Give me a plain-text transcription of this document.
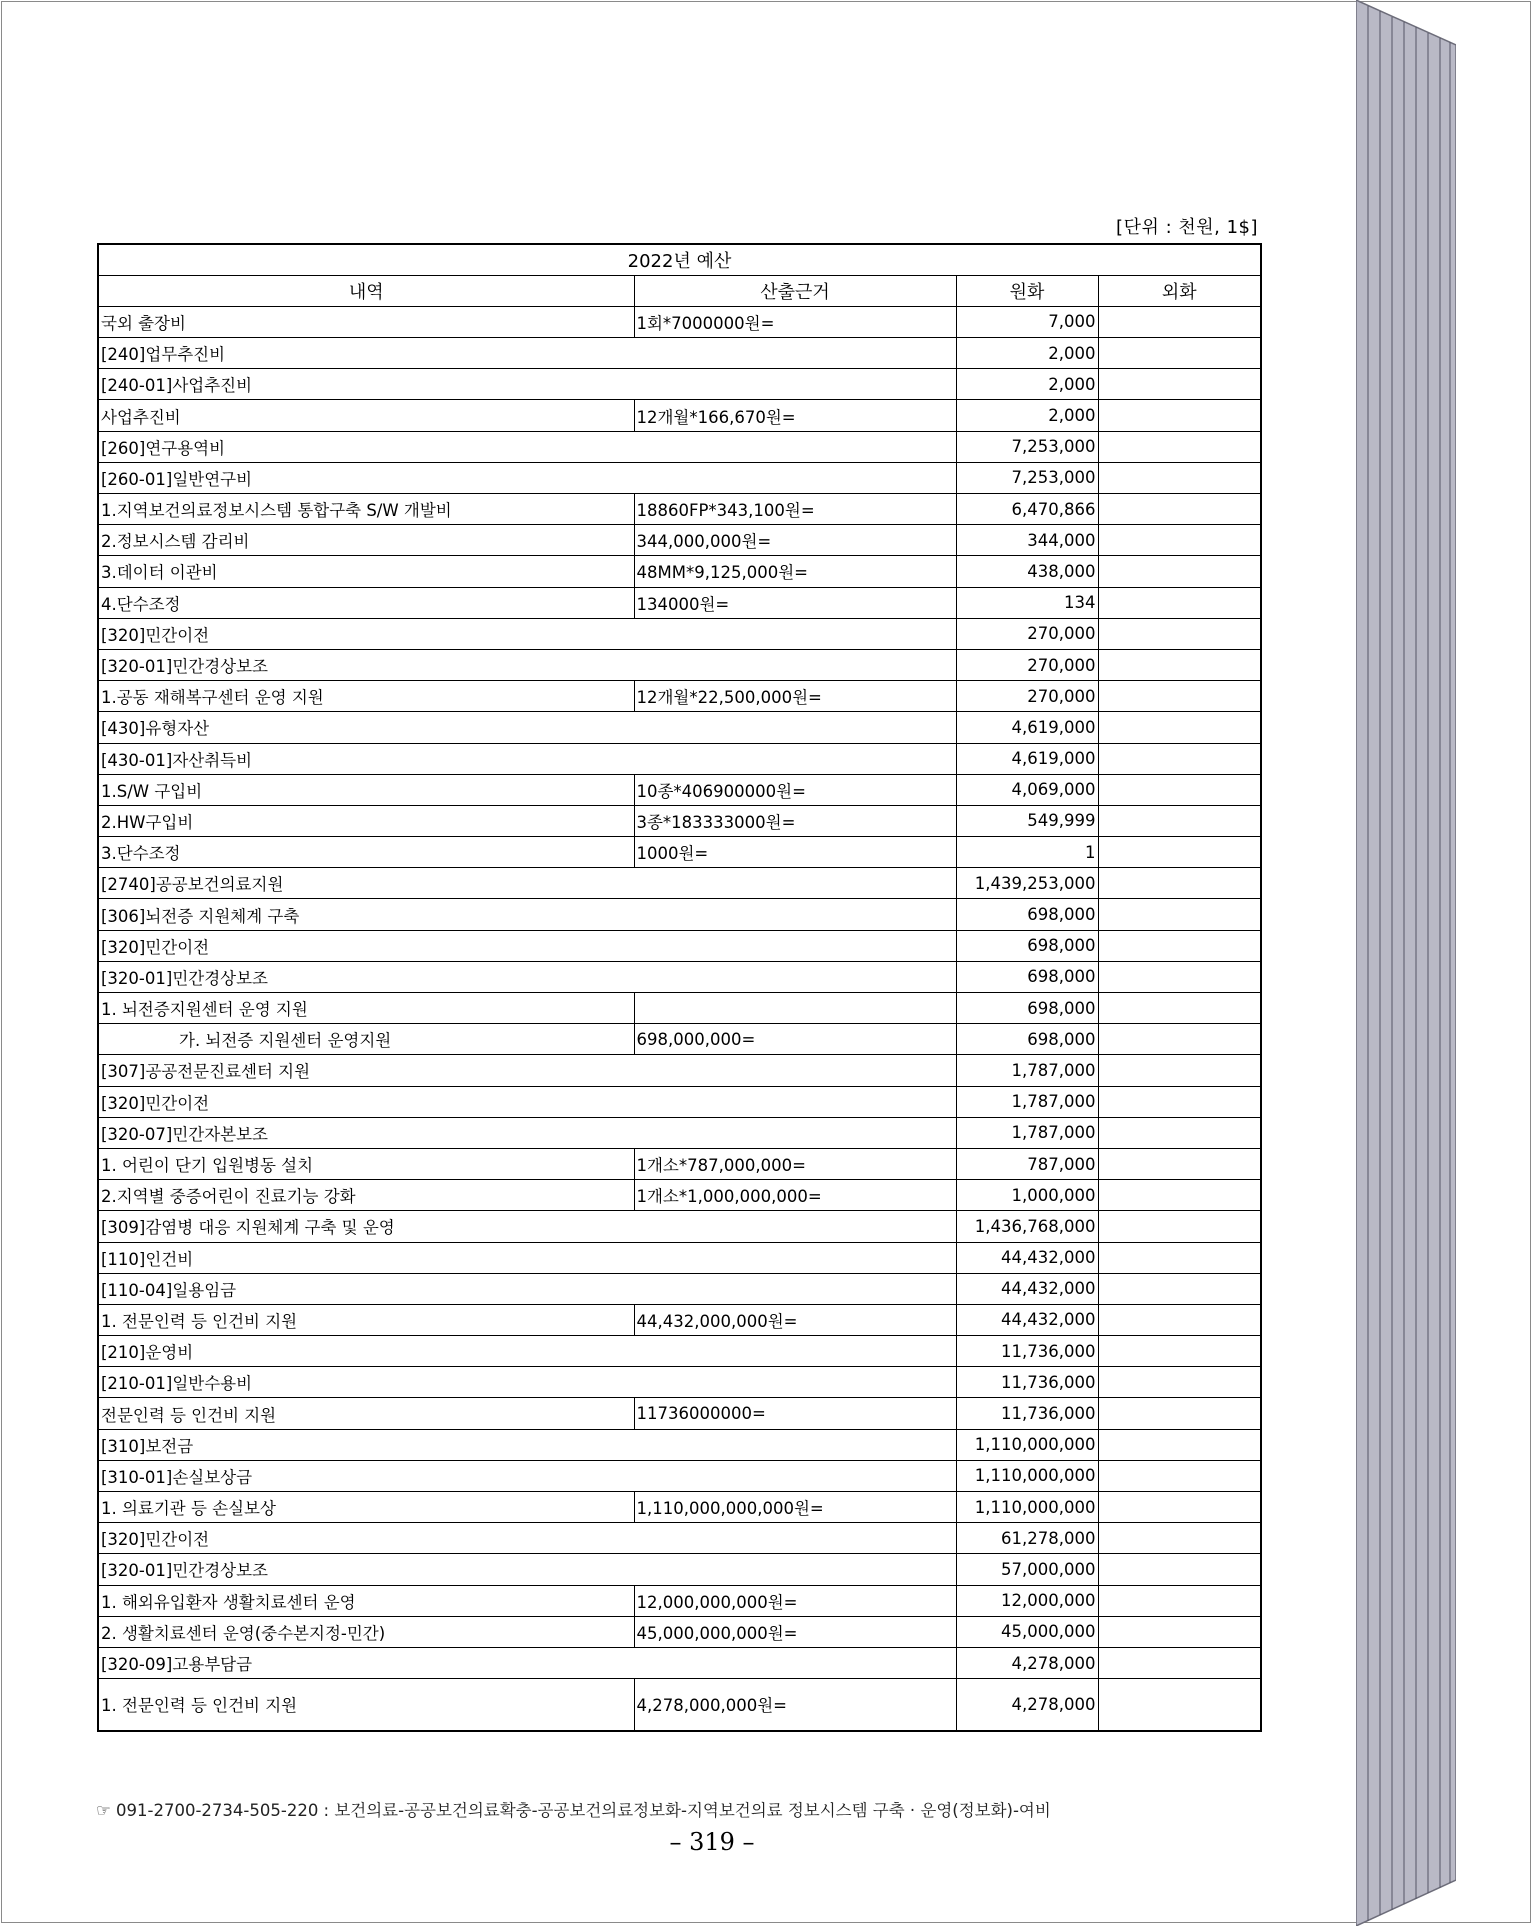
[단위 : 천원, 1$]
2022년 예산			
내역	산출근거	원화	외화
국외 출장비	1회*7000000원=	7,000	
[240]업무추진비		2,000	
[240-01]사업추진비		2,000	
사업추진비	12개월*166,670원=	2,000	
[260]연구용역비		7,253,000	
[260-01]일반연구비		7,253,000	
1.지역보건의료정보시스템 통합구축 S/W 개발비	18860FP*343,100원=	6,470,866	
2.정보시스템 감리비	344,000,000원=	344,000	
3.데이터 이관비	48MM*9,125,000원=	438,000	
4.단수조정	134000원=	134	
[320]민간이전		270,000	
[320-01]민간경상보조		270,000	
1.공동 재해복구센터 운영 지원	12개월*22,500,000원=	270,000	
[430]유형자산		4,619,000	
[430-01]자산취득비		4,619,000	
1.S/W 구입비	10종*406900000원=	4,069,000	
2.HW구입비	3종*183333000원=	549,999	
3.단수조정	1000원=	1	
[2740]공공보건의료지원		1,439,253,000	
[306]뇌전증 지원체계 구축		698,000	
[320]민간이전		698,000	
[320-01]민간경상보조		698,000	
1. 뇌전증지원센터 운영 지원		698,000	
가. 뇌전증 지원센터 운영지원	698,000,000=	698,000	
[307]공공전문진료센터 지원		1,787,000	
[320]민간이전		1,787,000	
[320-07]민간자본보조		1,787,000	
1. 어린이 단기 입원병동 설치	1개소*787,000,000=	787,000	
2.지역별 중증어린이 진료기능 강화	1개소*1,000,000,000=	1,000,000	
[309]감염병 대응 지원체계 구축 및 운영		1,436,768,000	
[110]인건비		44,432,000	
[110-04]일용임금		44,432,000	
1. 전문인력 등 인건비 지원	44,432,000,000원=	44,432,000	
[210]운영비		11,736,000	
[210-01]일반수용비		11,736,000	
전문인력 등 인건비 지원	11736000000=	11,736,000	
[310]보전금		1,110,000,000	
[310-01]손실보상금		1,110,000,000	
1. 의료기관 등 손실보상	1,110,000,000,000원=	1,110,000,000	
[320]민간이전		61,278,000	
[320-01]민간경상보조		57,000,000	
1. 해외유입환자 생활치료센터 운영	12,000,000,000원=	12,000,000	
2. 생활치료센터 운영(중수본지정-민간)	45,000,000,000원=	45,000,000	
[320-09]고용부담금		4,278,000	
1. 전문인력 등 인건비 지원	4,278,000,000원=	4,278,000	
☞ 091-2700-2734-505-220 : 보건의료-공공보건의료확충-공공보건의료정보화-지역보건의료 정보시스템 구축 · 운영(정보화)-여비
– 319 –
